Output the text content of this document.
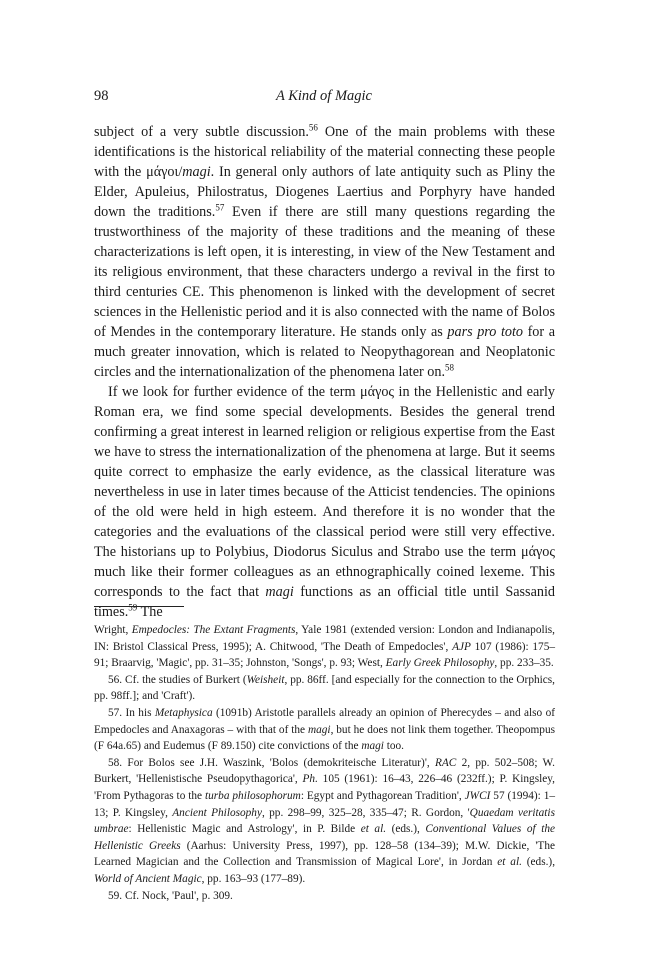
98	A Kind of Magic

subject of a very subtle discussion.$^{56}$ One of the main problems with these identifications is the historical reliability of the material connecting these people with the μάγοι/magi. In general only authors of late antiquity such as Pliny the Elder, Apuleius, Philostratus, Diogenes Laertius and Porphyry have handed down the traditions.$^{57}$ Even if there are still many questions regarding the trustworthiness of the majority of these traditions and the meaning of these characterizations is left open, it is interesting, in view of the New Testament and its religious environment, that these characters undergo a revival in the first to third centuries CE. This phenomenon is linked with the development of secret sciences in the Hellenistic period and it is also connected with the name of Bolos of Mendes in the contemporary literature. He stands only as pars pro toto for a much greater innovation, which is related to Neopythagorean and Neoplatonic circles and the internationalization of the phenomena later on.$^{58}$

If we look for further evidence of the term μάγος in the Hellenistic and early Roman era, we find some special developments. Besides the general trend confirming a great interest in learned religion or religious expertise from the East we have to stress the internationalization of the phenomena at large. But it seems quite correct to emphasize the early evidence, as the classical literature was nevertheless in use in later times because of the Atticist tendencies. The opinions of the old were held in high esteem. And therefore it is no wonder that the categories and the evaluations of the classical period were still very effective. The historians up to Polybius, Diodorus Siculus and Strabo use the term μάγος much like their former colleagues as an ethnographically coined lexeme. This corresponds to the fact that magi functions as an official title until Sassanid times.$^{59}$ The

Wright, Empedocles: The Extant Fragments, Yale 1981 (extended version: London and Indianapolis, IN: Bristol Classical Press, 1995); A. Chitwood, 'The Death of Empedocles', AJP 107 (1986): 175–91; Braarvig, 'Magic', pp. 31–35; Johnston, 'Songs', p. 93; West, Early Greek Philosophy, pp. 233–35.

56. Cf. the studies of Burkert (Weisheit, pp. 86ff. [and especially for the connection to the Orphics, pp. 98ff.]; and 'Craft').

57. In his Metaphysica (1091b) Aristotle parallels already an opinion of Pherecydes – and also of Empedocles and Anaxagoras – with that of the magi, but he does not link them together. Theopompus (F 64a.65) and Eudemus (F 89.150) cite convictions of the magi too.

58. For Bolos see J.H. Waszink, 'Bolos (demokriteische Literatur)', RAC 2, pp. 502–508; W. Burkert, 'Hellenistische Pseudopythagorica', Ph. 105 (1961): 16–43, 226–46 (232ff.); P. Kingsley, 'From Pythagoras to the turba philosophorum: Egypt and Pythagorean Tradition', JWCI 57 (1994): 1–13; P. Kingsley, Ancient Philosophy, pp. 298–99, 325–28, 335–47; R. Gordon, 'Quaedam veritatis umbrae: Hellenistic Magic and Astrology', in P. Bilde et al. (eds.), Conventional Values of the Hellenistic Greeks (Aarhus: University Press, 1997), pp. 128–58 (134–39); M.W. Dickie, 'The Learned Magician and the Collection and Transmission of Magical Lore', in Jordan et al. (eds.), World of Ancient Magic, pp. 163–93 (177–89).

59. Cf. Nock, 'Paul', p. 309.
